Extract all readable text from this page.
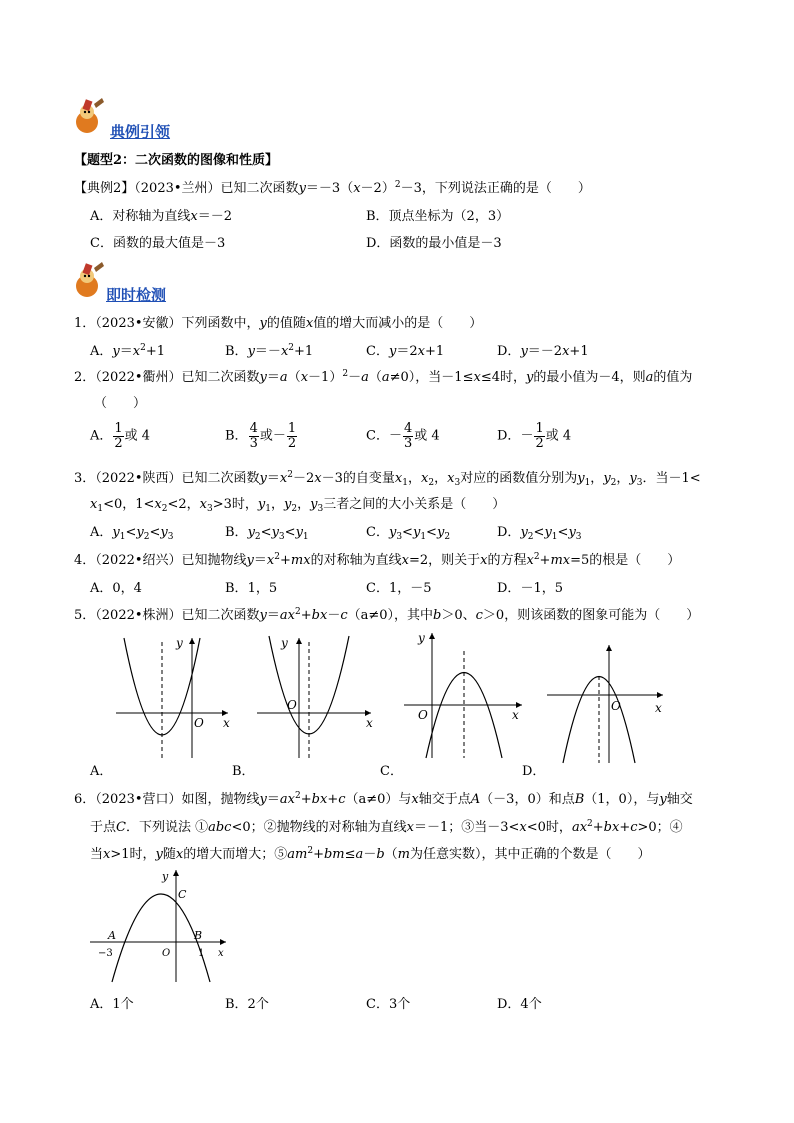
典例引领
【题型2：二次函数的图像和性质】
【典例2】（2023•兰州）已知二次函数$y=-3(x-2)^2-3$，下列说法正确的是（　　）
A．对称轴为直线x＝－2	B．顶点坐标为（2，3）
C．函数的最大值是－3	D．函数的最小值是－3
即时检测
1．（2023•安徽）下列函数中，y的值随x值的增大而减小的是（　　）
A．$y=x^2+1$	B．$y=-x^2+1$	C．y＝2x+1	D．y＝－2x+1
2．（2022•衢州）已知二次函数$y=a(x-1)^2-a(a\ne 0)$，当－1≤x≤4时，y的最小值为－4，则a的值为
（　　）
A． $\frac{1}{2}$ 或 4	B． $\frac{4}{3}$ 或－ $\frac{1}{2}$	C．－ $\frac{4}{3}$ 或 4	D．－ $\frac{1}{2}$ 或 4
3．（2022•陕西）已知二次函数$y=x^2-2x-3$的自变量$x_1$，$x_2$，$x_3$对应的函数值分别为$y_1$，$y_2$，$y_3$．当－1<
$x_1<0$，$1<x_2<2$，$x_3>3$时，$y_1$，$y_2$，$y_3$三者之间的大小关系是（　　）
A．$y_1<y_2<y_3$	B．$y_2<y_3<y_1$	C．$y_3<y_1<y_2$	D．$y_2<y_1<y_3$
4．（2022•绍兴）已知抛物线$y=x^2+mx$的对称轴为直线x=2，则关于x的方程$x^2+mx=5$的根是（　　）
A．0，4	B．1，5	C．1，－5	D．－1，5
5．（2022•株洲）已知二次函数$y=ax^2+bx-c(a\ne 0)$，其中b＞0、c＞0，则该函数的图象可能为（　　）
y
O x
y
O
x
y
O	x
O	x
A．	B．	C．	D．
6．（2023•营口）如图，抛物线$y=ax^2+bx+c(a\ne 0)$与x轴交于点A（－3，0）和点B（1，0），与y轴交
于点C．下列说法 ①abc<0；②抛物线的对称轴为直线x＝－1；③当－3<x<0时，$ax^2+bx+c>0$；④
当x>1时，y随x的增大而增大；$⑤am^2+bm\le a-b(m$为任意实数），其中正确的个数是（　　）
y
C
A	B
−3	O	1 x
A．1个	B．2个	C．3个	D．4个
